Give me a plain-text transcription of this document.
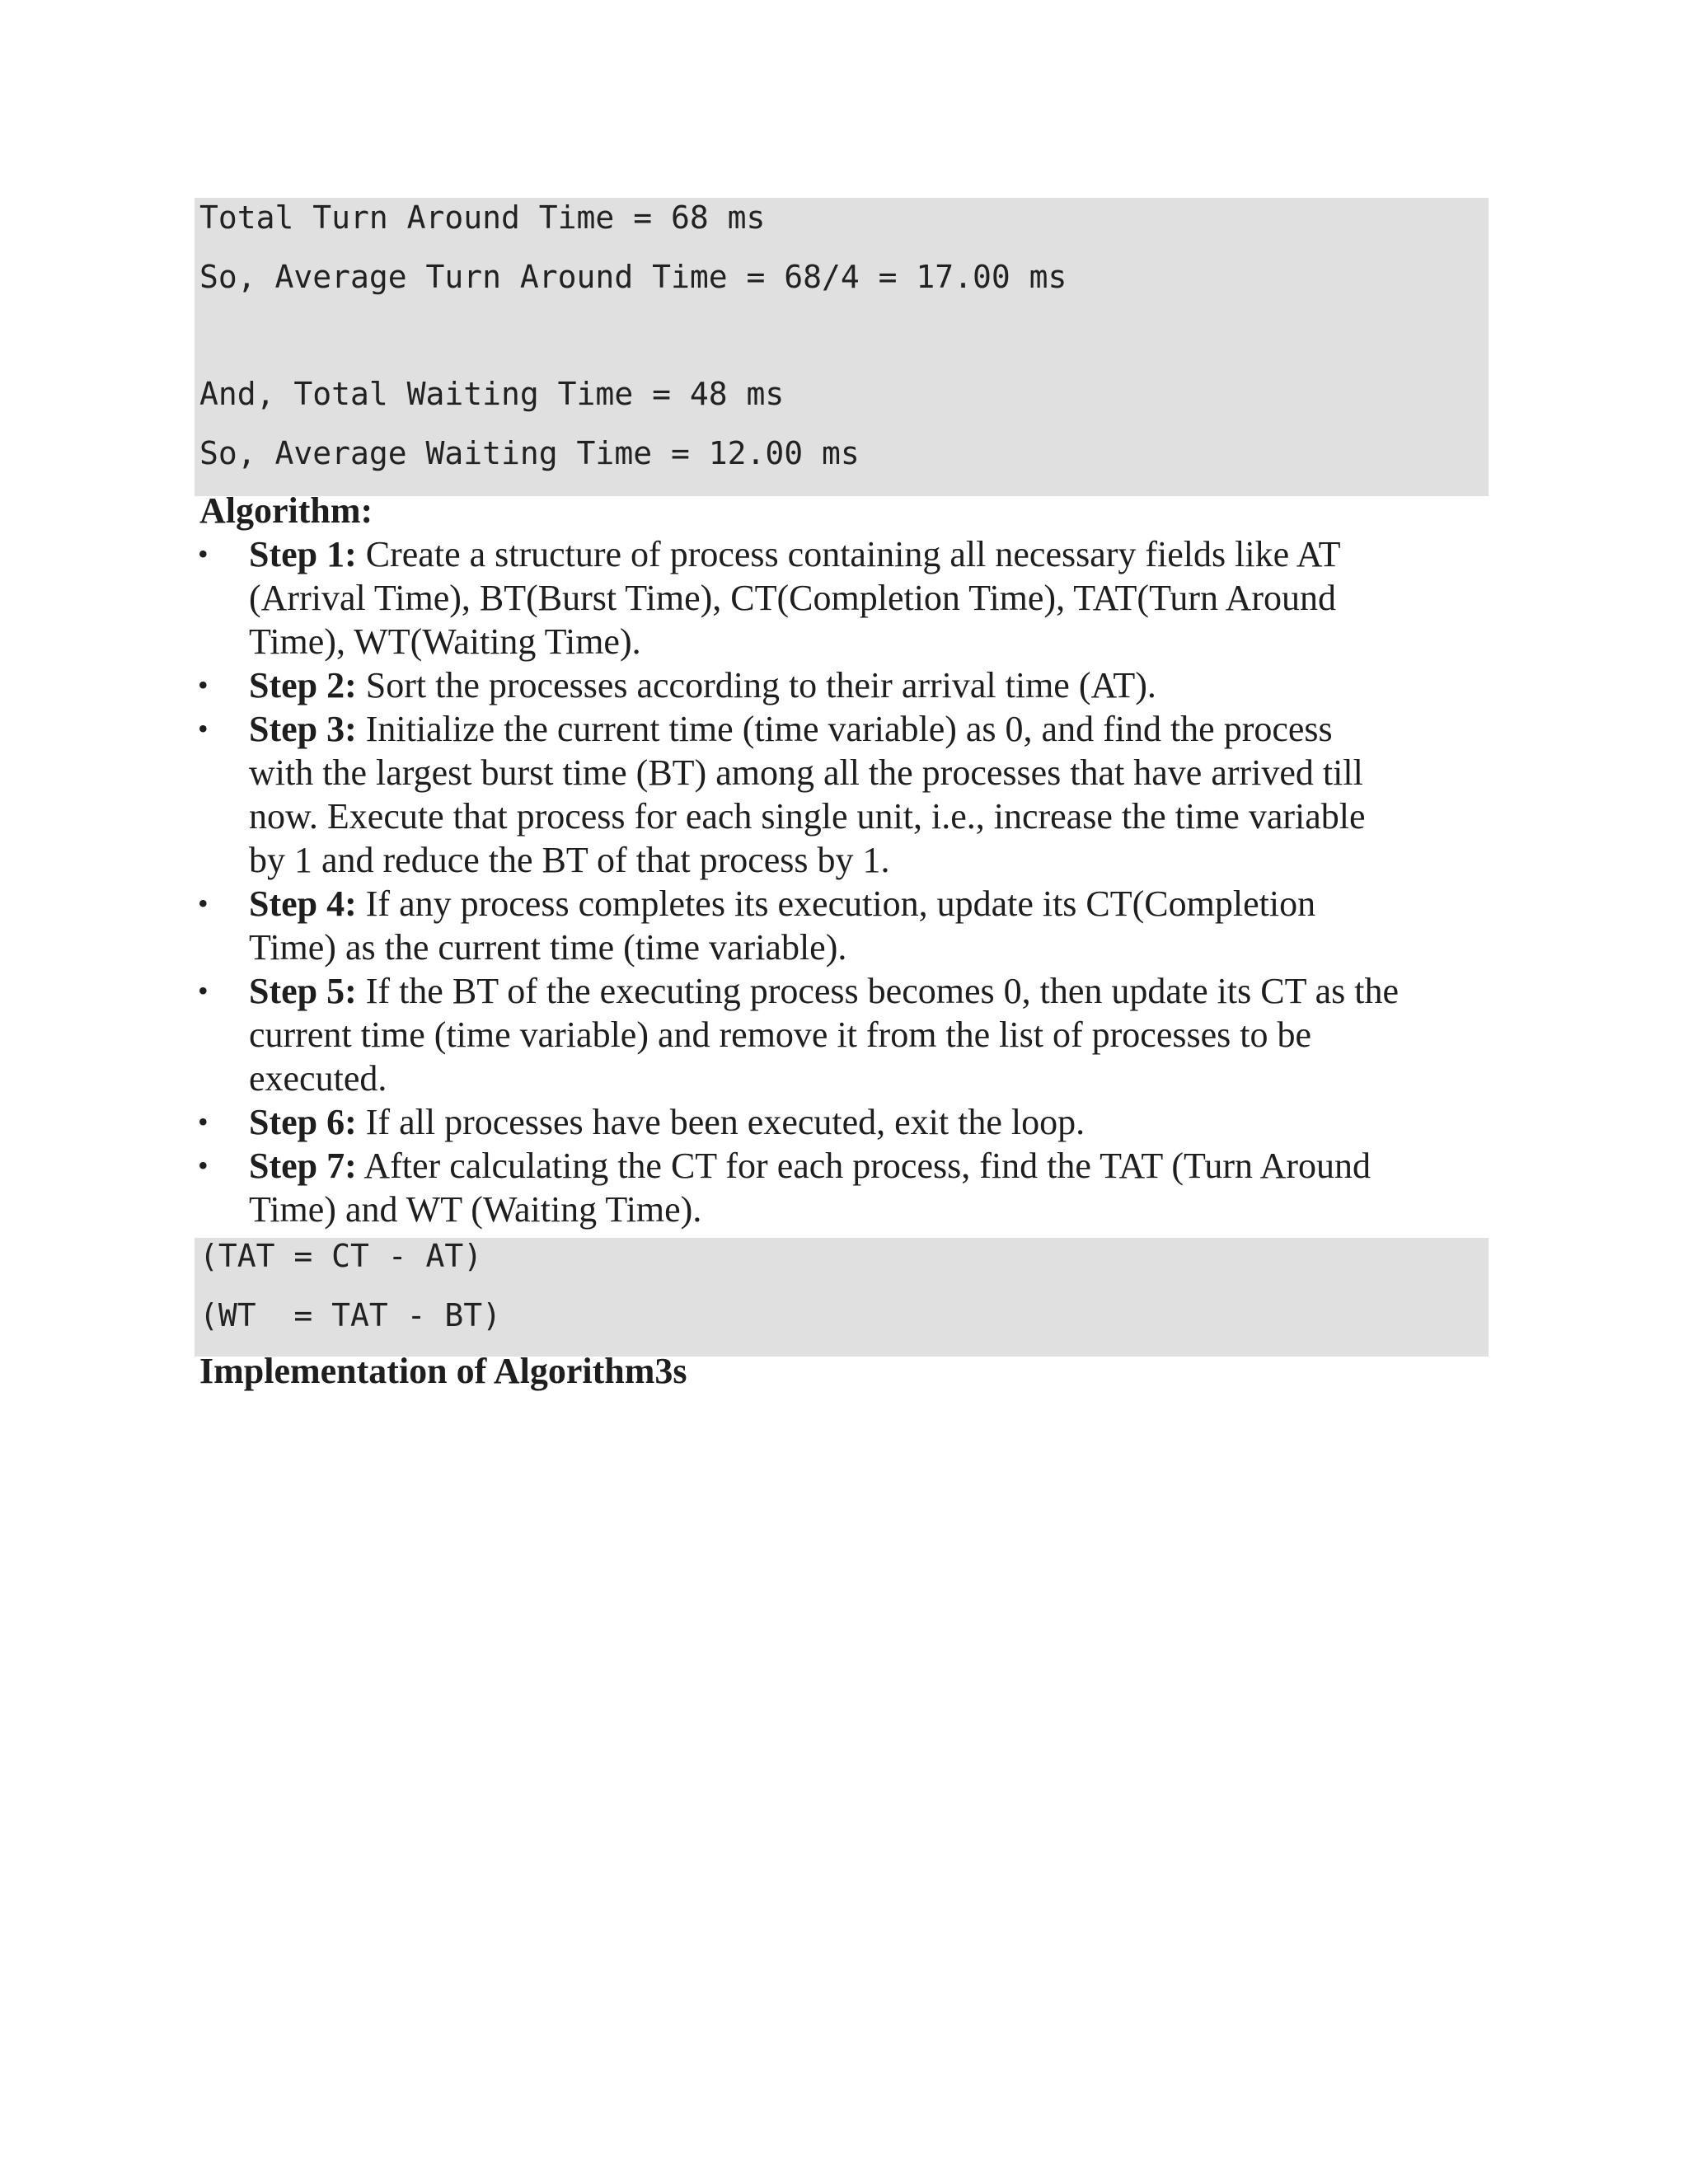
Total Turn Around Time = 68 ms
So, Average Turn Around Time = 68/4 = 17.00 ms
And, Total Waiting Time = 48 ms
So, Average Waiting Time = 12.00 ms
Algorithm:
•	Step 1: Create a structure of process containing all necessary fields like AT
(Arrival Time), BT(Burst Time), CT(Completion Time), TAT(Turn Around
Time), WT(Waiting Time).
•	Step 2: Sort the processes according to their arrival time (AT).
•	Step 3: Initialize the current time (time variable) as 0, and find the process
with the largest burst time (BT) among all the processes that have arrived till
now. Execute that process for each single unit, i.e., increase the time variable
by 1 and reduce the BT of that process by 1.
•	Step 4: If any process completes its execution, update its CT(Completion
Time) as the current time (time variable).
•	Step 5: If the BT of the executing process becomes 0, then update its CT as the
current time (time variable) and remove it from the list of processes to be
executed.
•	Step 6: If all processes have been executed, exit the loop.
•	Step 7: After calculating the CT for each process, find the TAT (Turn Around
Time) and WT (Waiting Time).
(TAT = CT - AT)
(WT  = TAT - BT)
Implementation of Algorithm3s
